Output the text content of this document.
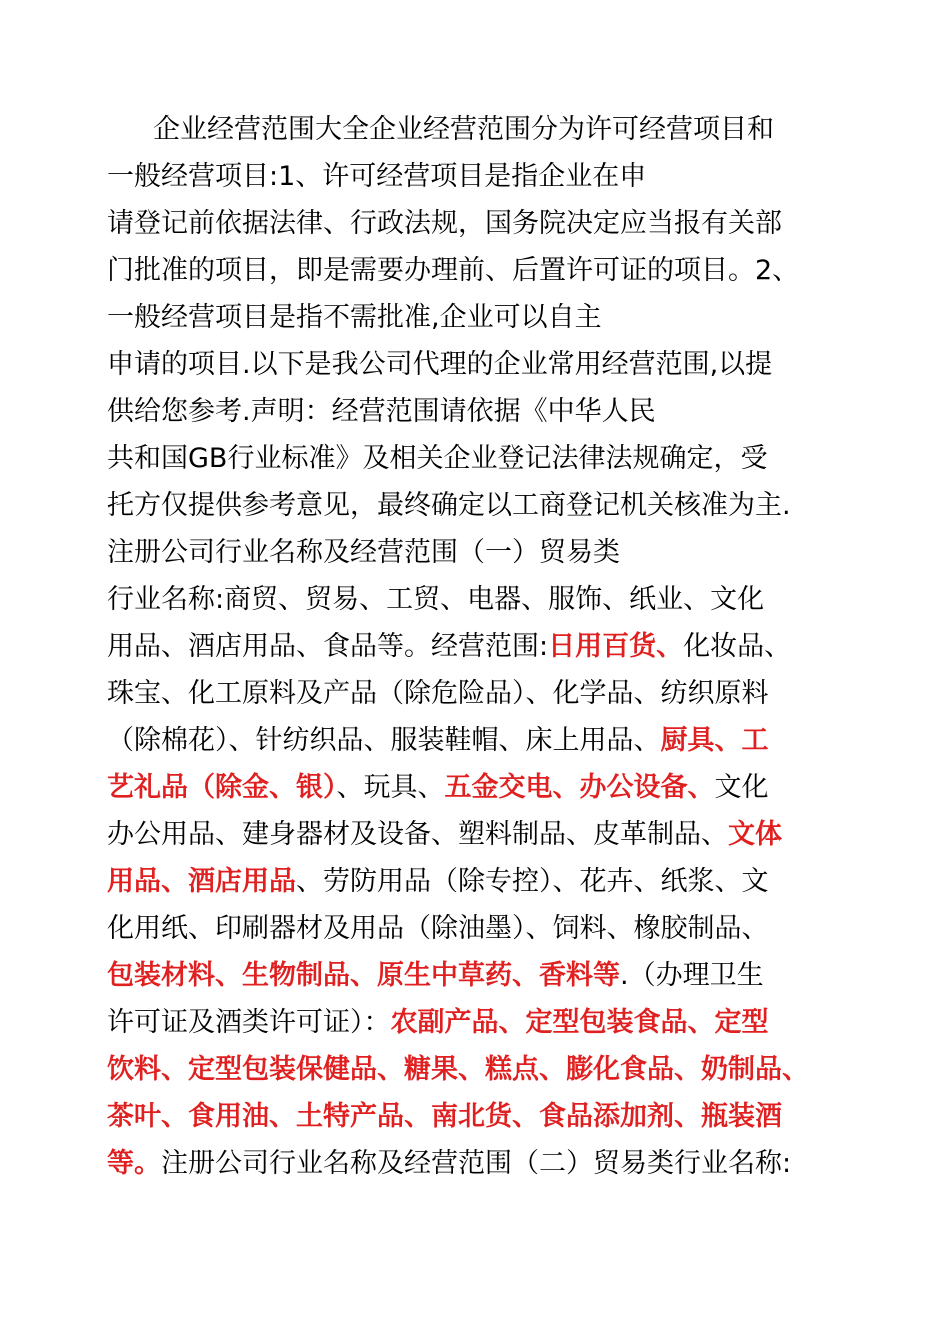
企业经营范围大全企业经营范围分为许可经营项目和
一般经营项目:1、许可经营项目是指企业在申
请登记前依据法律、行政法规，国务院决定应当报有关部
门批准的项目，即是需要办理前、后置许可证的项目。2、
一般经营项目是指不需批准,企业可以自主
申请的项目.以下是我公司代理的企业常用经营范围,以提
供给您参考.声明：经营范围请依据《中华人民
共和国GB行业标准》及相关企业登记法律法规确定，受
托方仅提供参考意见，最终确定以工商登记机关核准为主.
注册公司行业名称及经营范围（一）贸易类
行业名称:商贸、贸易、工贸、电器、服饰、纸业、文化
用品、酒店用品、食品等。经营范围:日用百货、化妆品、
珠宝、化工原料及产品（除危险品）、化学品、纺织原料
（除棉花）、针纺织品、服装鞋帽、床上用品、厨具、工
艺礼品（除金、银）、玩具、五金交电、办公设备、文化
办公用品、建身器材及设备、塑料制品、皮革制品、文体
用品、酒店用品、劳防用品（除专控）、花卉、纸浆、文
化用纸、印刷器材及用品（除油墨）、饲料、橡胶制品、
包装材料、生物制品、原生中草药、香料等.（办理卫生
许可证及酒类许可证）：农副产品、定型包装食品、定型
饮料、定型包装保健品、糖果、糕点、膨化食品、奶制品、
茶叶、食用油、土特产品、南北货、食品添加剂、瓶装酒
等。注册公司行业名称及经营范围（二）贸易类行业名称:
